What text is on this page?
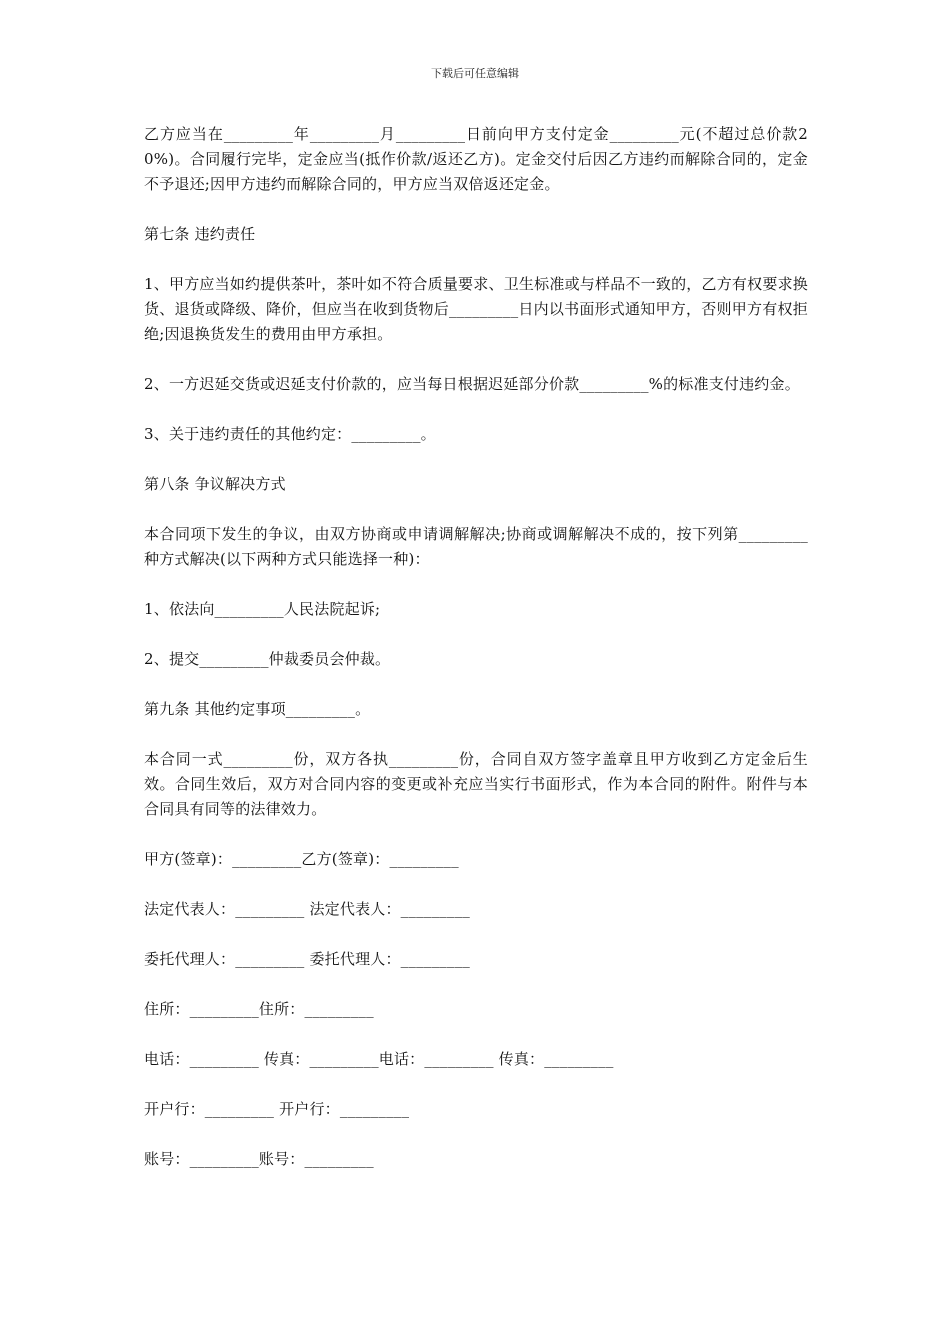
下载后可任意编辑

乙方应当在_________年_________月_________日前向甲方支付定金_________元(不超过总价款20%)。合同履行完毕，定金应当(抵作价款/返还乙方)。定金交付后因乙方违约而解除合同的，定金不予退还;因甲方违约而解除合同的，甲方应当双倍返还定金。

第七条 违约责任

1、甲方应当如约提供茶叶，茶叶如不符合质量要求、卫生标准或与样品不一致的，乙方有权要求换货、退货或降级、降价，但应当在收到货物后_________日内以书面形式通知甲方，否则甲方有权拒绝;因退换货发生的费用由甲方承担。

2、一方迟延交货或迟延支付价款的，应当每日根据迟延部分价款_________%的标准支付违约金。

3、关于违约责任的其他约定：_________。

第八条 争议解决方式

本合同项下发生的争议，由双方协商或申请调解解决;协商或调解解决不成的，按下列第_________种方式解决(以下两种方式只能选择一种)：

1、依法向_________人民法院起诉;

2、提交_________仲裁委员会仲裁。

第九条 其他约定事项_________。

本合同一式_________份，双方各执_________份，合同自双方签字盖章且甲方收到乙方定金后生效。合同生效后，双方对合同内容的变更或补充应当实行书面形式，作为本合同的附件。附件与本合同具有同等的法律效力。

甲方(签章)：_________乙方(签章)：_________

法定代表人：_________ 法定代表人：_________

委托代理人：_________ 委托代理人：_________

住所：_________住所：_________

电话：_________ 传真：_________电话：_________ 传真：_________

开户行：_________ 开户行：_________

账号：_________账号：_________
